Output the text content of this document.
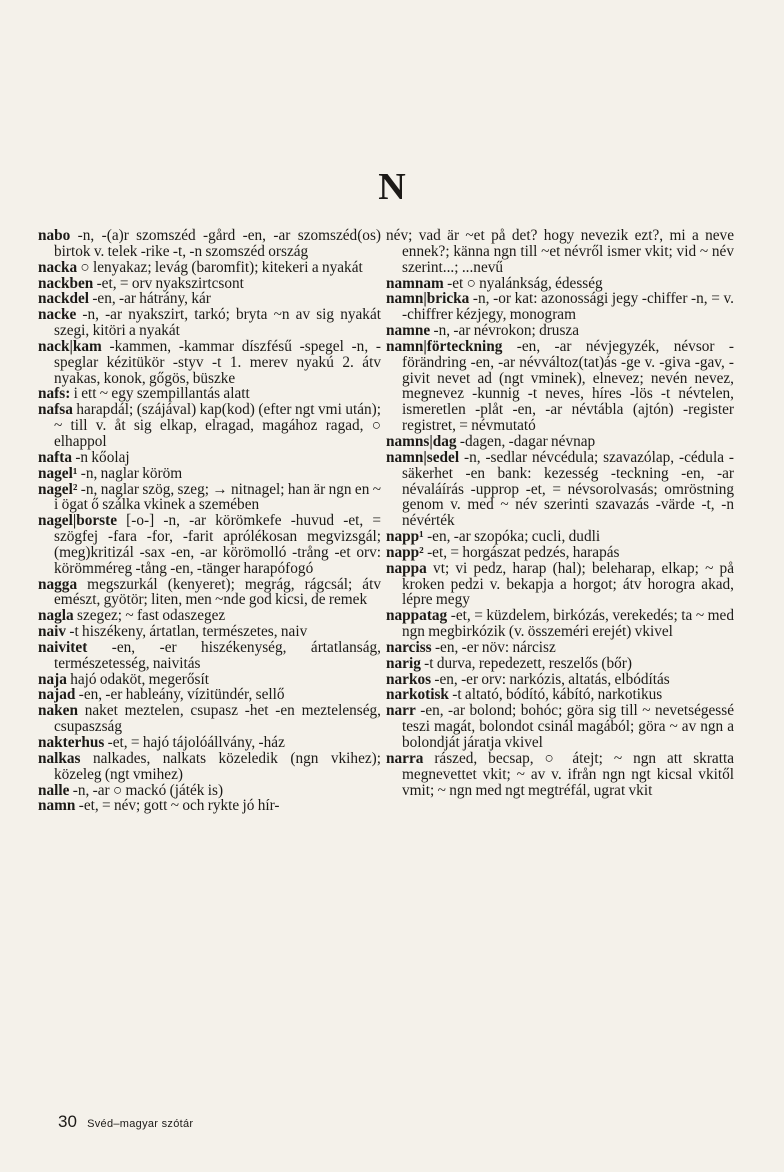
N

nabo -n, -(a)r szomszéd -gård -en, -ar szomszéd(os) birtok v. telek -rike -t, -n szomszéd ország

nacka ○ lenyakaz; levág (baromfit); kitekeri a nyakát

nackben -et, = orv nyakszirtcsont

nackdel -en, -ar hátrány, kár

nacke -n, -ar nyakszirt, tarkó; bryta ~n av sig nyakát szegi, kitöri a nyakát

nack|kam -kammen, -kammar díszfésű -spegel -n, -speglar kézitükör -styv -t 1. merev nyakú 2. átv nyakas, konok, gőgös, büszke

nafs: i ett ~ egy szempillantás alatt

nafsa harapdál; (szájával) kap(kod) (efter ngt vmi után); ~ till v. åt sig elkap, elragad, magához ragad, ○ elhappol

nafta -n kőolaj

nagel¹ -n, naglar köröm

nagel² -n, naglar szög, szeg; → nitnagel; han är ngn en ~ i ögat ő szálka vkinek a szemében

nagel|borste [-o-] -n, -ar körömkefe -huvud -et, = szögfej -fara -for, -farit aprólékosan megvizsgál; (meg)kritizál -sax -en, -ar körömolló -trång -et orv: körömméreg -tång -en, -tänger harapófogó

nagga megszurkál (kenyeret); megrág, rágcsál; átv emészt, gyötör; liten, men ~nde god kicsi, de remek

nagla szegez; ~ fast odaszegez

naiv -t hiszékeny, ártatlan, természetes, naiv

naivitet -en, -er hiszékenység, ártatlanság, természetesség, naivitás

naja hajó odaköt, megerősít

najad -en, -er hableány, vízitündér, sellő

naken naket meztelen, csupasz -het -en meztelenség, csupaszság

nakterhus -et, = hajó tájolóállvány, -ház

nalkas nalkades, nalkats közeledik (ngn vkihez); közeleg (ngt vmihez)

nalle -n, -ar ○ mackó (játék is)

namn -et, = név; gott ~ och rykte jó hír-

név; vad är ~et på det? hogy nevezik ezt?, mi a neve ennek?; känna ngn till ~et névről ismer vkit; vid ~ név szerint...; ...nevű

namnam -et ○ nyalánkság, édesség

namn|bricka -n, -or kat: azonossági jegy -chiffer -n, = v. -chiffrer kézjegy, monogram

namne -n, -ar névrokon; drusza

namn|förteckning -en, -ar névjegyzék, névsor -förändring -en, -ar névváltoz(tat)ás -ge v. -giva -gav, -givit nevet ad (ngt vminek), elnevez; nevén nevez, megnevez -kunnig -t neves, híres -lös -t névtelen, ismeretlen -plåt -en, -ar névtábla (ajtón) -register registret, = névmutató

namns|dag -dagen, -dagar névnap

namn|sedel -n, -sedlar névcédula; szavazólap, -cédula -säkerhet -en bank: kezesség -teckning -en, -ar névaláírás -upprop -et, = névsorolvasás; omröstning genom v. med ~ név szerinti szavazás -värde -t, -n névérték

napp¹ -en, -ar szopóka; cucli, dudli

napp² -et, = horgászat pedzés, harapás

nappa vt; vi pedz, harap (hal); beleharap, elkap; ~ på kroken pedzi v. bekapja a horgot; átv horogra akad, lépre megy

nappatag -et, = küzdelem, birkózás, verekedés; ta ~ med ngn megbirkózik (v. összeméri erejét) vkivel

narciss -en, -er növ: nárcisz

narig -t durva, repedezett, reszelős (bőr)

narkos -en, -er orv: narkózis, altatás, elbódítás

narkotisk -t altató, bódító, kábító, narkotikus

narr -en, -ar bolond; bohóc; göra sig till ~ nevetségessé teszi magát, bolondot csinál magából; göra ~ av ngn a bolondját járatja vkivel

narra rászed, becsap, ○ átejt; ~ ngn att skratta megnevettet vkit; ~ av v. ifrån ngn ngt kicsal vkitől vmit; ~ ngn med ngt megtréfál, ugrat vkit

30 Svéd–magyar szótár
